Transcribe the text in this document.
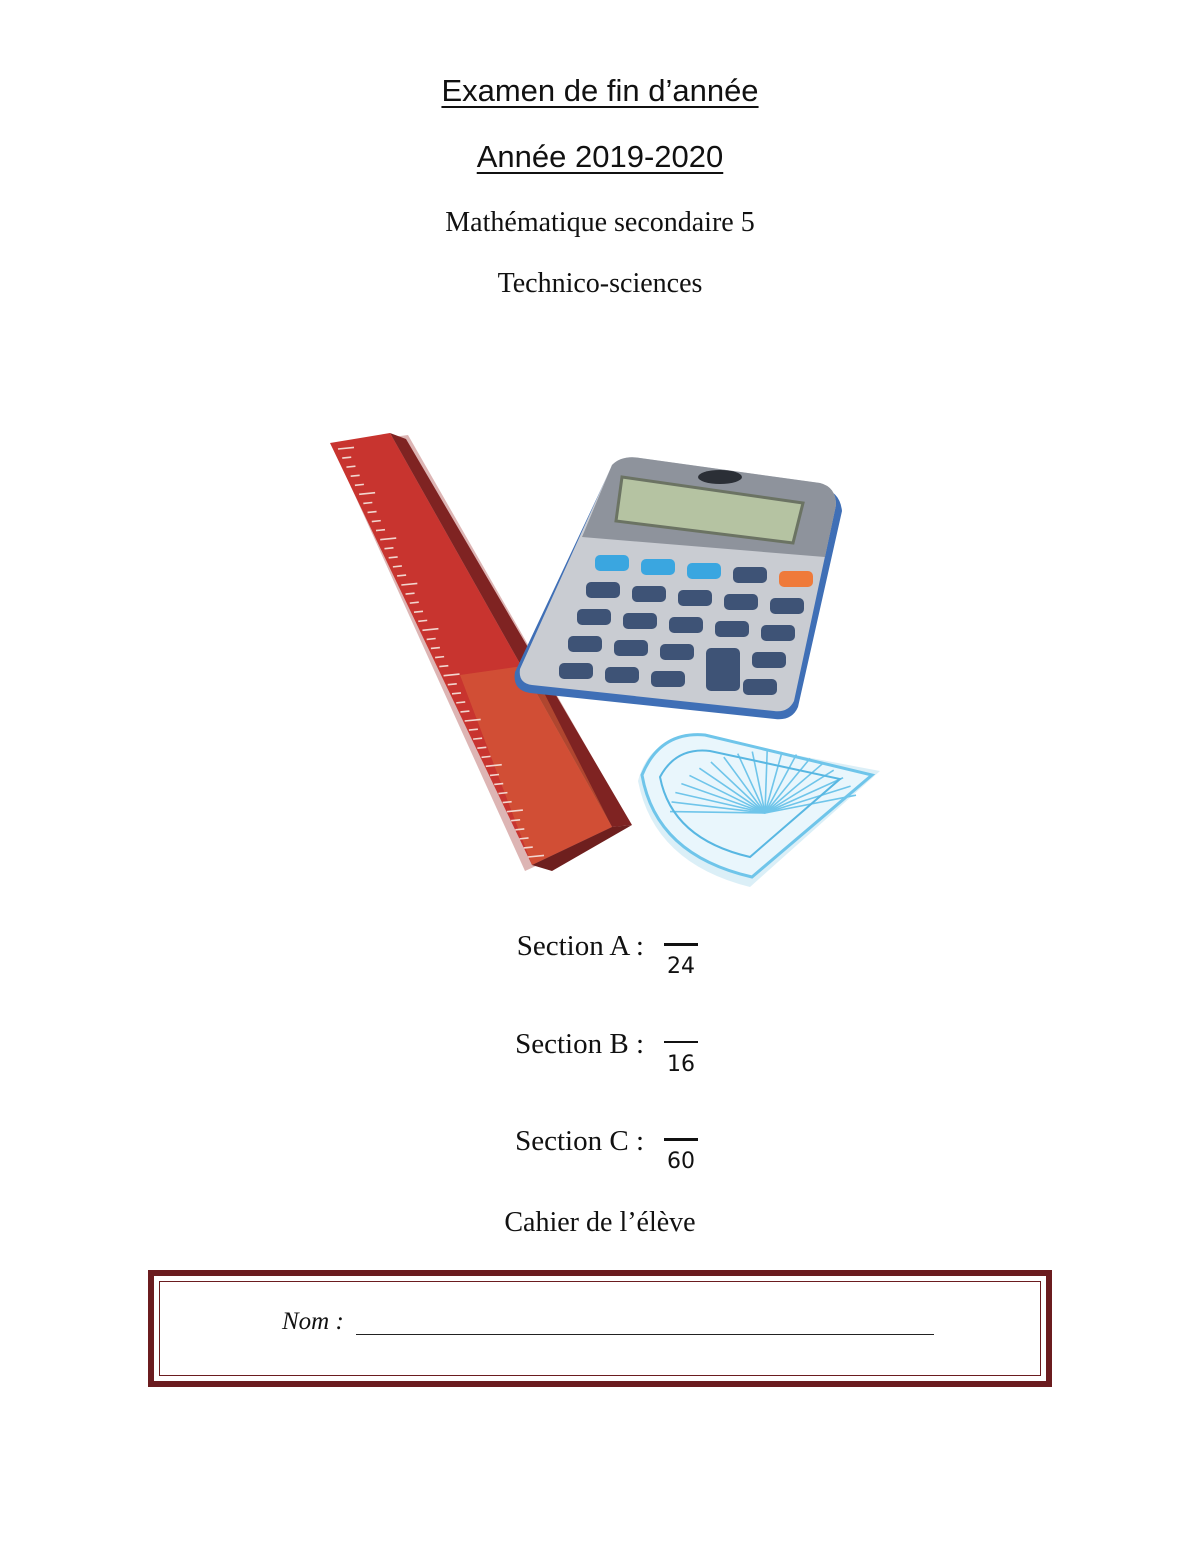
Examen de fin d’année
Année 2019-2020
Mathématique secondaire 5
Technico-sciences
Section A :
24
Section B :
16
Section C :
60
Cahier de l’élève
Nom :
